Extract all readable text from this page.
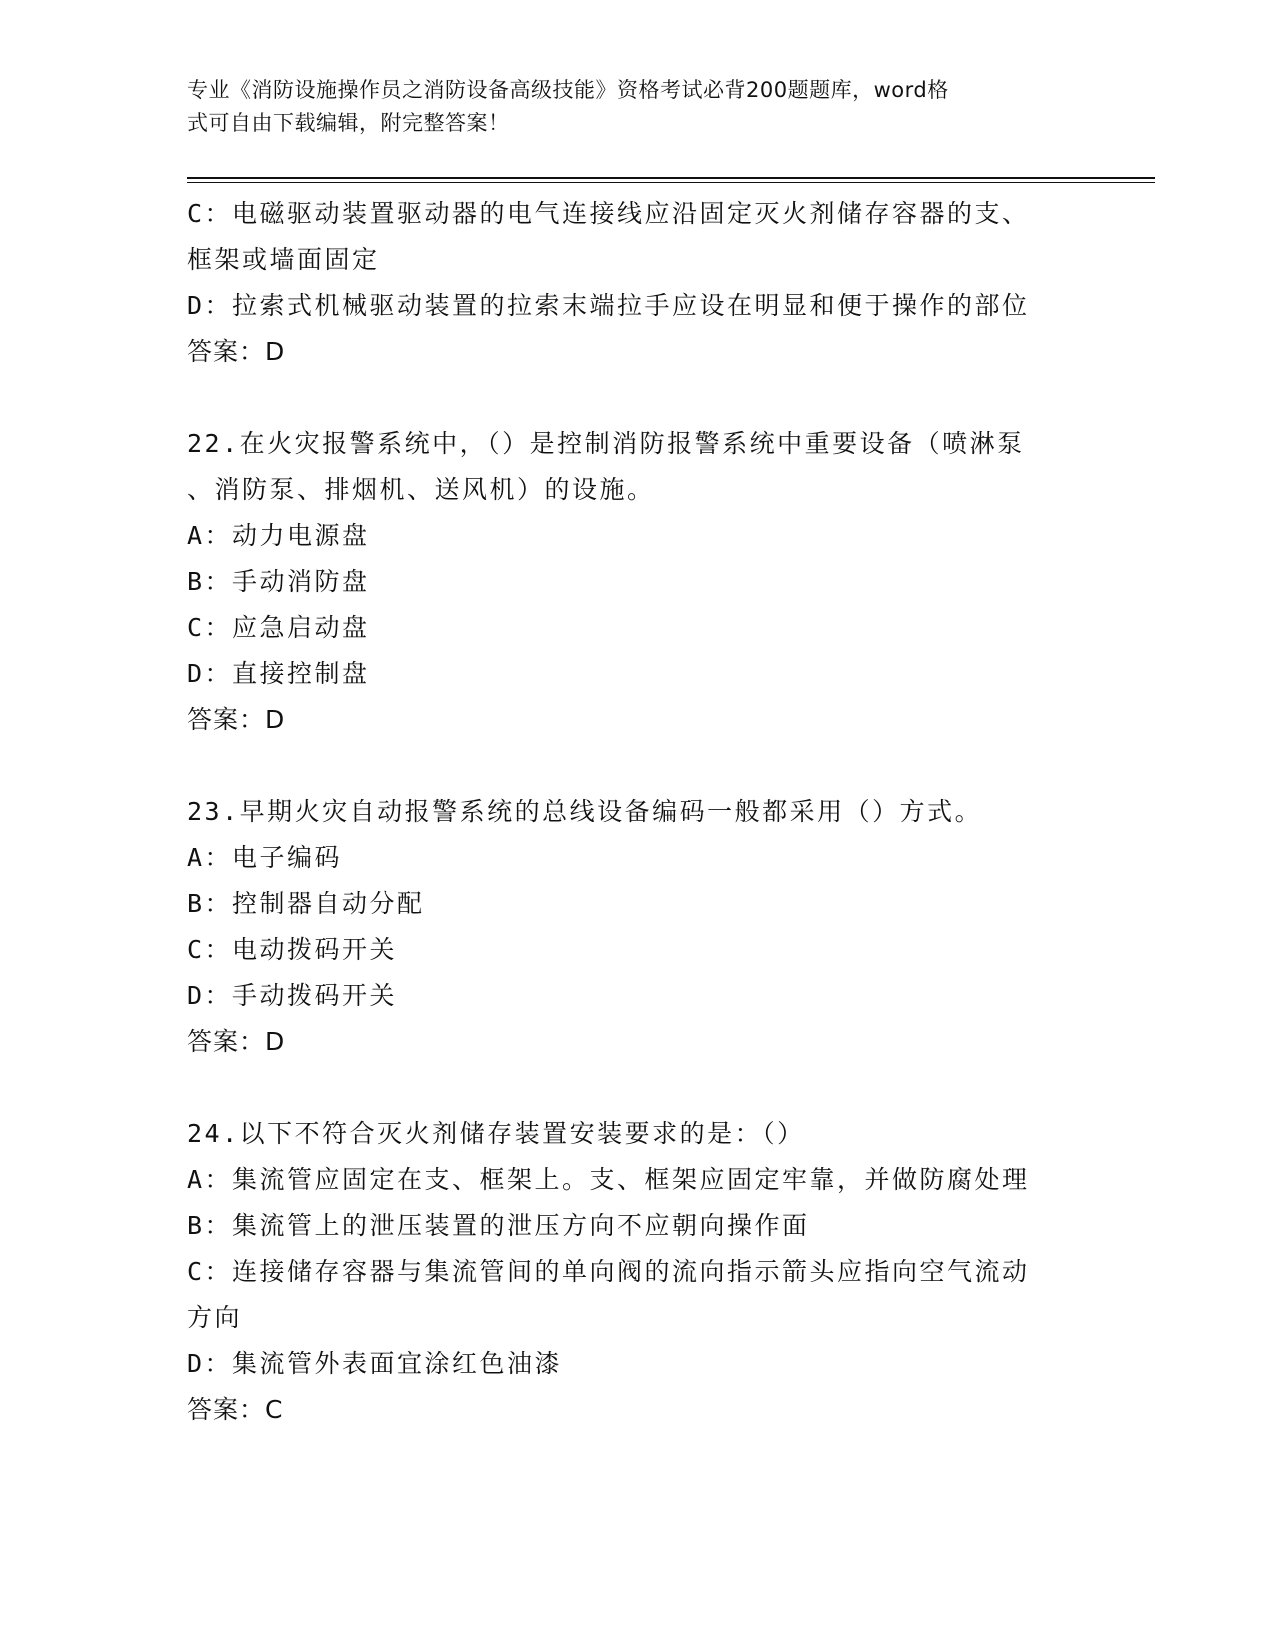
专业《消防设施操作员之消防设备高级技能》资格考试必背200题题库，word格
式可自由下载编辑，附完整答案！
C：电磁驱动装置驱动器的电气连接线应沿固定灭火剂储存容器的支、
框架或墙面固定
D：拉索式机械驱动装置的拉索末端拉手应设在明显和便于操作的部位
答案：D
22.在火灾报警系统中，（）是控制消防报警系统中重要设备（喷淋泵
、消防泵、排烟机、送风机）的设施。
A：动力电源盘
B：手动消防盘
C：应急启动盘
D：直接控制盘
答案：D
23.早期火灾自动报警系统的总线设备编码一般都采用（）方式。
A：电子编码
B：控制器自动分配
C：电动拨码开关
D：手动拨码开关
答案：D
24.以下不符合灭火剂储存装置安装要求的是：（）
A：集流管应固定在支、框架上。支、框架应固定牢靠，并做防腐处理
B：集流管上的泄压装置的泄压方向不应朝向操作面
C：连接储存容器与集流管间的单向阀的流向指示箭头应指向空气流动
方向
D：集流管外表面宜涂红色油漆
答案：C
